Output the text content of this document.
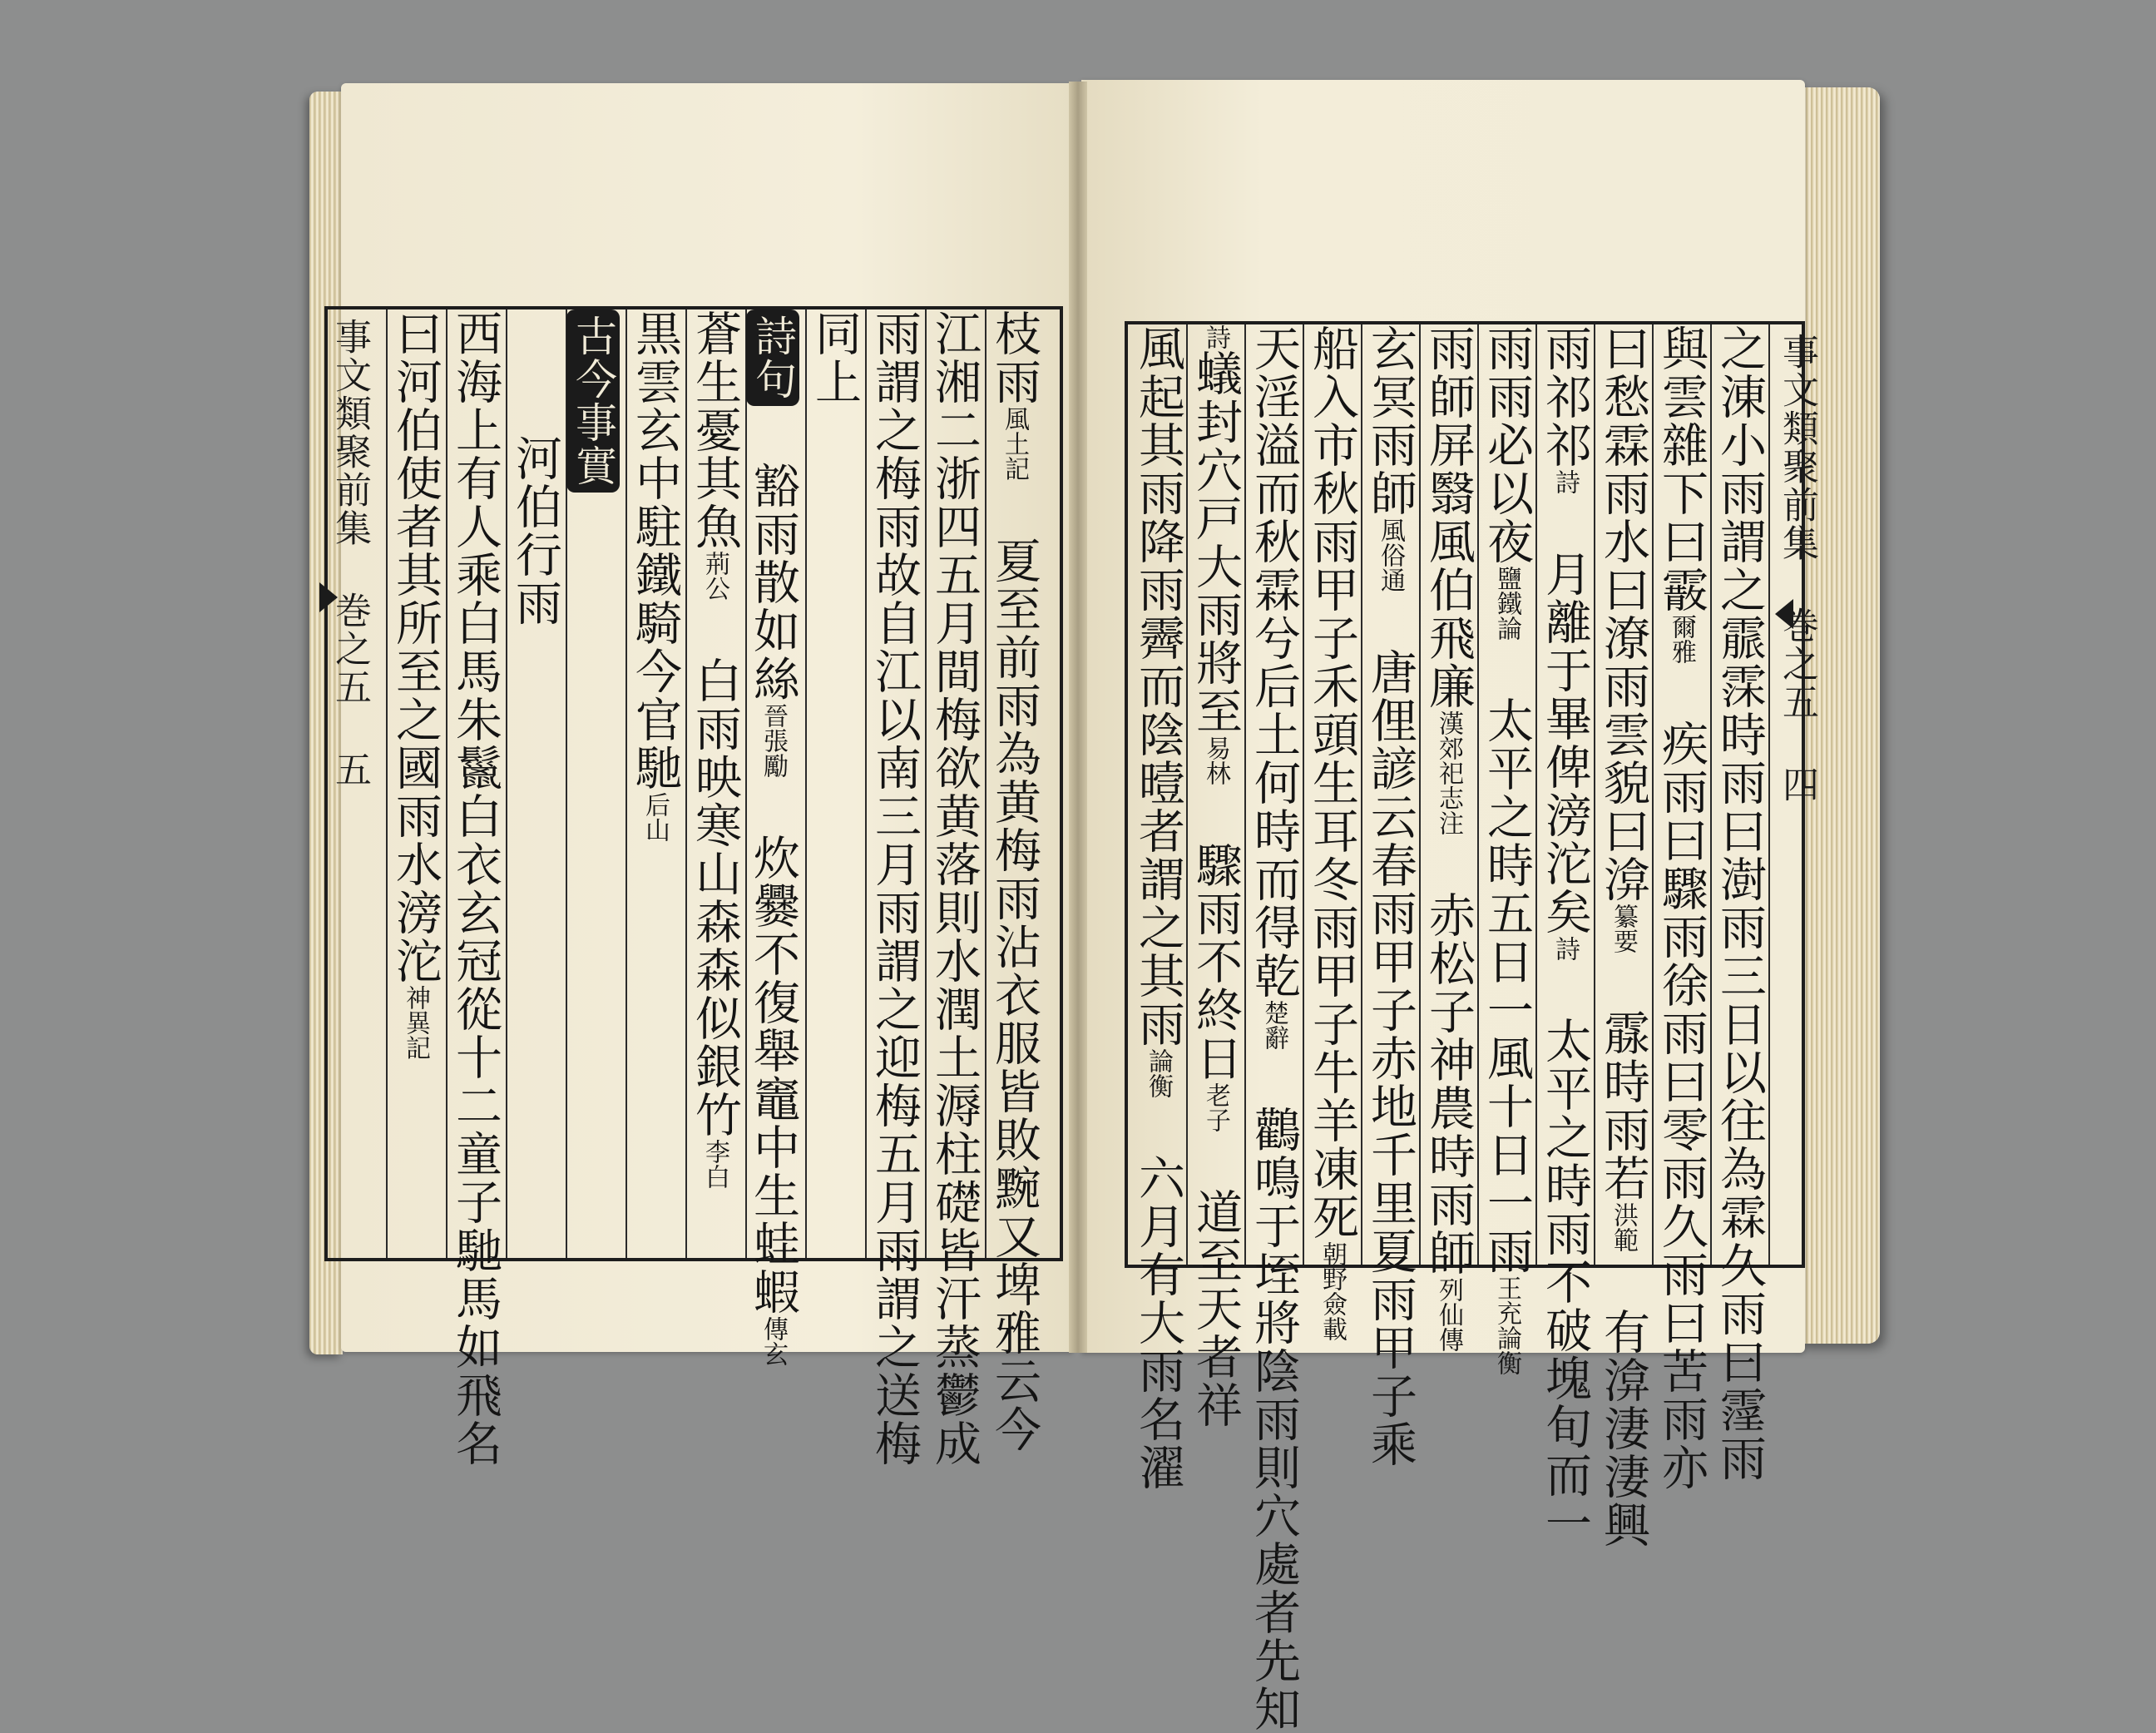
事文類聚前集 巻之五 五 曰河伯使者其所至之國雨水滂沱神異記 西海上有人乘白馬朱鬣白衣玄冠從十二童子馳馬如飛名 河伯行雨
古今事實 黒雲玄中駐鐵騎今官馳后山
蒼生憂其魚荊公 白雨映寒山森森似銀竹李白
詩句 豁雨散如絲晉張勵 炊爨不復舉竈中生蛙蝦傳玄
同上 雨謂之梅雨故自江以南三月雨謂之迎梅五月雨謂之送梅 江湘二浙四五月間梅欲黄落則水潤土溽柱礎皆汗蒸鬱成 枝雨風土記 夏至前雨為黄梅雨沾衣服皆敗黦又埤雅云今 風起其雨降雨霽而陰曀者謂之其雨論衡 六月有大雨名濯
詩蟻封穴戸大雨將至易林 驟雨不終日老子 道至天者祥
天淫溢而秋霖兮后土何時而得乾楚辭 鸛鳴于垤將陰雨則穴處者先知
船入市秋雨甲子禾頭生耳冬雨甲子牛羊凍死朝野僉載
玄冥雨師風俗通 唐俚諺云春雨甲子赤地千里夏雨甲子乘
雨師屏翳風伯飛廉漢郊祀志注 赤松子神農時雨師列仙傳
雨雨必以夜鹽鐵論 太平之時五日一風十日一雨王充論衡
雨祁祁詩 月離于畢俾滂沱矣詩 太平之時雨不破塊旬而一
曰愁霖雨水曰潦雨雲貌曰渰纂要 霡時雨若洪範 有渰淒淒興
與雲雜下曰霰爾雅 疾雨曰驟雨徐雨曰零雨久雨曰苦雨亦 之涷小雨謂之霢霂時雨曰澍雨三日以往為霖久雨曰霪雨 事文類聚前集 巻之五 四
